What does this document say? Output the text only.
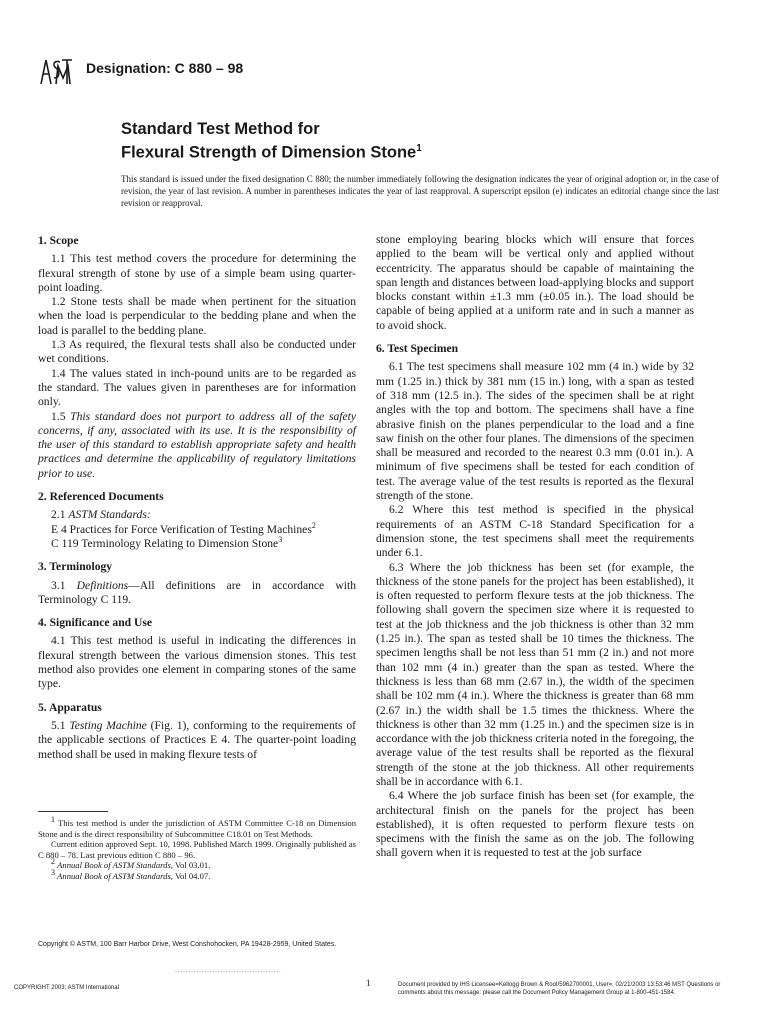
Designation: C 880 – 98
Standard Test Method for
Flexural Strength of Dimension Stone$^1$
This standard is issued under the fixed designation C 880; the number immediately following the designation indicates the year of original adoption or, in the case of revision, the year of last revision. A number in parentheses indicates the year of last reapproval. A superscript epsilon (e) indicates an editorial change since the last revision or reapproval.
1. Scope

1.1 This test method covers the procedure for determining the flexural strength of stone by use of a simple beam using quarter-point loading.

1.2 Stone tests shall be made when pertinent for the situation when the load is perpendicular to the bedding plane and when the load is parallel to the bedding plane.

1.3 As required, the flexural tests shall also be conducted under wet conditions.

1.4 The values stated in inch-pound units are to be regarded as the standard. The values given in parentheses are for information only.

1.5 This standard does not purport to address all of the safety concerns, if any, associated with its use. It is the responsibility of the user of this standard to establish appropriate safety and health practices and determine the applicability of regulatory limitations prior to use.

2. Referenced Documents

2.1 ASTM Standards:

E 4 Practices for Force Verification of Testing Machines$^2$

C 119 Terminology Relating to Dimension Stone$^3$

3. Terminology

3.1 Definitions—All definitions are in accordance with Terminology C 119.

4. Significance and Use

4.1 This test method is useful in indicating the differences in flexural strength between the various dimension stones. This test method also provides one element in comparing stones of the same type.

5. Apparatus

5.1 Testing Machine (Fig. 1), conforming to the requirements of the applicable sections of Practices E 4. The quarter-point loading method shall be used in making flexure tests of

1 This test method is under the jurisdiction of ASTM Committee C-18 on Dimension Stone and is the direct responsibility of Subcommittee C18.01 on Test Methods.

Current edition approved Sept. 10, 1998. Published March 1999. Originally published as C 880 – 78. Last previous edition C 880 – 96.

2 Annual Book of ASTM Standards, Vol 03.01.

3 Annual Book of ASTM Standards, Vol 04.07.

stone employing bearing blocks which will ensure that forces applied to the beam will be vertical only and applied without eccentricity. The apparatus should be capable of maintaining the span length and distances between load-applying blocks and support blocks constant within ±1.3 mm (±0.05 in.). The load should be capable of being applied at a uniform rate and in such a manner as to avoid shock.

6. Test Specimen

6.1 The test specimens shall measure 102 mm (4 in.) wide by 32 mm (1.25 in.) thick by 381 mm (15 in.) long, with a span as tested of 318 mm (12.5 in.). The sides of the specimen shall be at right angles with the top and bottom. The specimens shall have a fine abrasive finish on the planes perpendicular to the load and a fine saw finish on the other four planes. The dimensions of the specimen shall be measured and recorded to the nearest 0.3 mm (0.01 in.). A minimum of five specimens shall be tested for each condition of test. The average value of the test results is reported as the flexural strength of the stone.

6.2 Where this test method is specified in the physical requirements of an ASTM C-18 Standard Specification for a dimension stone, the test specimens shall meet the requirements under 6.1.

6.3 Where the job thickness has been set (for example, the thickness of the stone panels for the project has been established), it is often requested to perform flexure tests at the job thickness. The following shall govern the specimen size where it is requested to test at the job thickness and the job thickness is other than 32 mm (1.25 in.). The span as tested shall be 10 times the thickness. The specimen lengths shall be not less than 51 mm (2 in.) and not more than 102 mm (4 in.) greater than the span as tested. Where the thickness is less than 68 mm (2.67 in.), the width of the specimen shall be 102 mm (4 in.). Where the thickness is greater than 68 mm (2.67 in.) the width shall be 1.5 times the thickness. Where the thickness is other than 32 mm (1.25 in.) and the specimen size is in accordance with the job thickness criteria noted in the foregoing, the average value of the test results shall be reported as the flexural strength of the stone at the job thickness. All other requirements shall be in accordance with 6.1.

6.4 Where the job surface finish has been set (for example, the architectural finish on the panels for the project has been established), it is often requested to perform flexure tests on specimens with the finish the same as on the job. The following shall govern when it is requested to test at the job surface

Copyright © ASTM, 100 Barr Harbor Drive, West Conshohocken, PA 19428-2959, United States.
........................................
COPYRIGHT 2003; ASTM International	1	Document provided by IHS Licensee=Kellogg Brown & Root/5962700001, User=, 02/21/2003 13:53:46 MST Questions or comments about this message: please call the Document Policy Management Group at 1-800-451-1584.
